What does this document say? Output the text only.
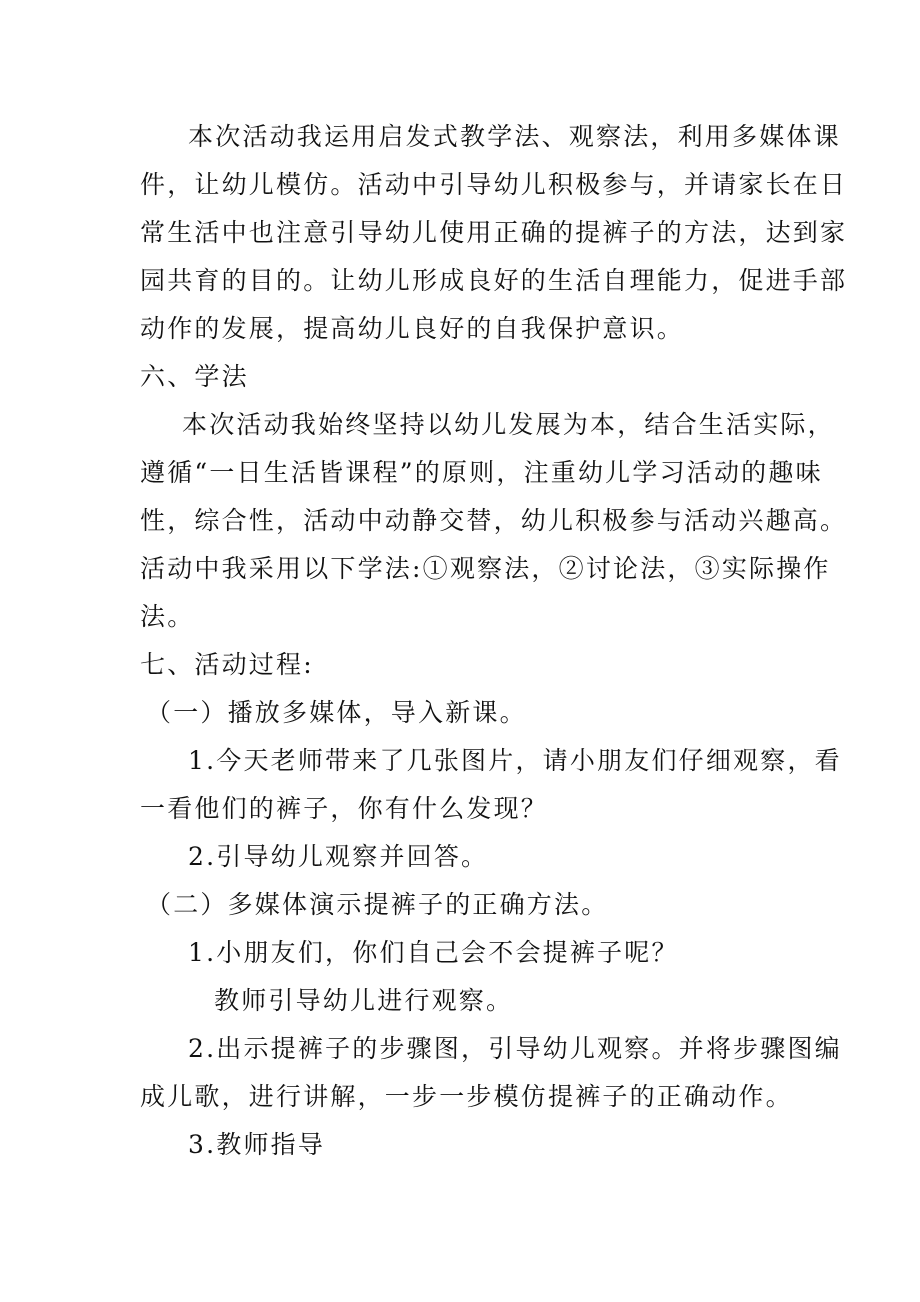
本次活动我运用启发式教学法、观察法，利用多媒体课
件，让幼儿模仿。活动中引导幼儿积极参与，并请家长在日
常生活中也注意引导幼儿使用正确的提裤子的方法，达到家
园共育的目的。让幼儿形成良好的生活自理能力，促进手部
动作的发展，提高幼儿良好的自我保护意识。
六、学法
本次活动我始终坚持以幼儿发展为本，结合生活实际，
遵循“一日生活皆课程”的原则，注重幼儿学习活动的趣味
性，综合性，活动中动静交替，幼儿积极参与活动兴趣高。
活动中我采用以下学法:①观察法，②讨论法，③实际操作
法。
七、活动过程:
（一）播放多媒体，导入新课。
1.今天老师带来了几张图片，请小朋友们仔细观察，看
一看他们的裤子，你有什么发现？
2.引导幼儿观察并回答。
（二）多媒体演示提裤子的正确方法。
1.小朋友们，你们自己会不会提裤子呢？
教师引导幼儿进行观察。
2.出示提裤子的步骤图，引导幼儿观察。并将步骤图编
成儿歌，进行讲解，一步一步模仿提裤子的正确动作。
3.教师指导
